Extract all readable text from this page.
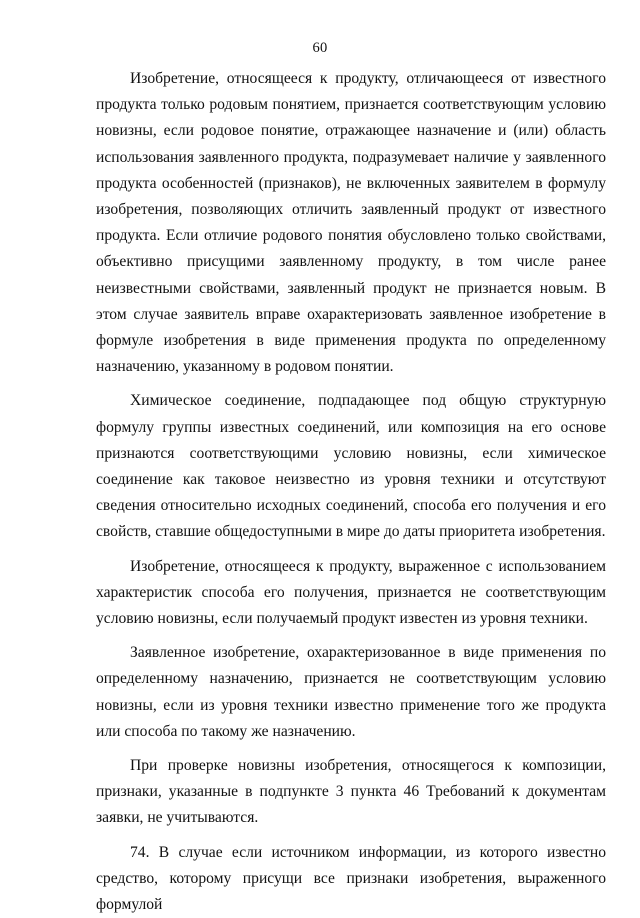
60

Изобретение, относящееся к продукту, отличающееся от известного продукта только родовым понятием, признается соответствующим условию новизны, если родовое понятие, отражающее назначение и (или) область использования заявленного продукта, подразумевает наличие у заявленного продукта особенностей (признаков), не включенных заявителем в формулу изобретения, позволяющих отличить заявленный продукт от известного продукта. Если отличие родового понятия обусловлено только свойствами, объективно присущими заявленному продукту, в том числе ранее неизвестными свойствами, заявленный продукт не признается новым. В этом случае заявитель вправе охарактеризовать заявленное изобретение в формуле изобретения в виде применения продукта по определенному назначению, указанному в родовом понятии.

Химическое соединение, подпадающее под общую структурную формулу группы известных соединений, или композиция на его основе признаются соответствующими условию новизны, если химическое соединение как таковое неизвестно из уровня техники и отсутствуют сведения относительно исходных соединений, способа его получения и его свойств, ставшие общедоступными в мире до даты приоритета изобретения.

Изобретение, относящееся к продукту, выраженное с использованием характеристик способа его получения, признается не соответствующим условию новизны, если получаемый продукт известен из уровня техники.

Заявленное изобретение, охарактеризованное в виде применения по определенному назначению, признается не соответствующим условию новизны, если из уровня техники известно применение того же продукта или способа по такому же назначению.

При проверке новизны изобретения, относящегося к композиции, признаки, указанные в подпункте 3 пункта 46 Требований к документам заявки, не учитываются.

74. В случае если источником информации, из которого известно средство, которому присущи все признаки изобретения, выраженного формулой
